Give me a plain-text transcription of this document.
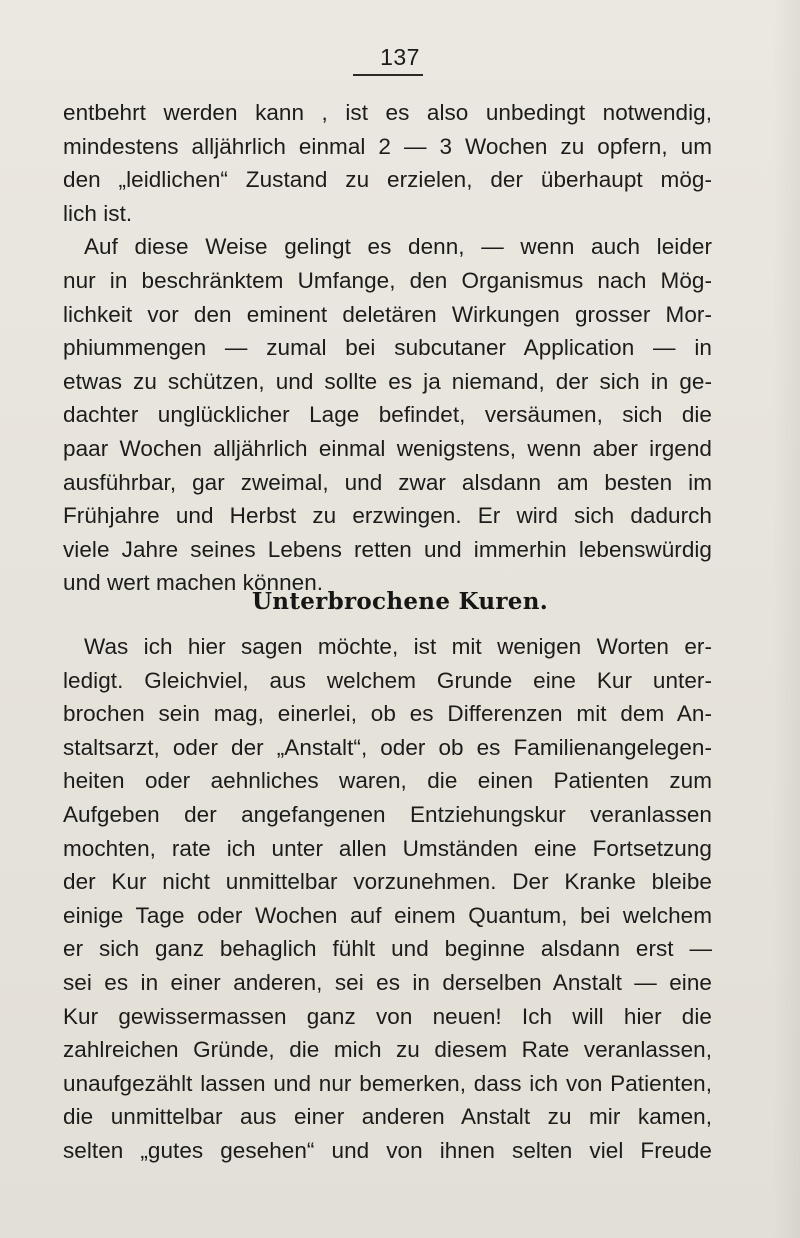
137
entbehrt werden kann , ist es also unbedingt notwendig,
mindestens alljährlich einmal 2 — 3 Wochen zu opfern, um
den „leidlichen“ Zustand zu erzielen, der überhaupt mög-
lich ist.
Auf diese Weise gelingt es denn, — wenn auch leider
nur in beschränktem Umfange, den Organismus nach Mög-
lichkeit vor den eminent deletären Wirkungen grosser Mor-
phiummengen — zumal bei subcutaner Application — in
etwas zu schützen, und sollte es ja niemand, der sich in ge-
dachter unglücklicher Lage befindet, versäumen, sich die
paar Wochen alljährlich einmal wenigstens, wenn aber irgend
ausführbar, gar zweimal, und zwar alsdann am besten im
Frühjahre und Herbst zu erzwingen. Er wird sich dadurch
viele Jahre seines Lebens retten und immerhin lebenswürdig
und wert machen können.
Unterbrochene Kuren.
Was ich hier sagen möchte, ist mit wenigen Worten er-
ledigt. Gleichviel, aus welchem Grunde eine Kur unter-
brochen sein mag, einerlei, ob es Differenzen mit dem An-
staltsarzt, oder der „Anstalt“, oder ob es Familienangelegen-
heiten oder aehnliches waren, die einen Patienten zum
Aufgeben der angefangenen Entziehungskur veranlassen
mochten, rate ich unter allen Umständen eine Fortsetzung
der Kur nicht unmittelbar vorzunehmen. Der Kranke bleibe
einige Tage oder Wochen auf einem Quantum, bei welchem
er sich ganz behaglich fühlt und beginne alsdann erst —
sei es in einer anderen, sei es in derselben Anstalt — eine
Kur gewissermassen ganz von neuen! Ich will hier die
zahlreichen Gründe, die mich zu diesem Rate veranlassen,
unaufgezählt lassen und nur bemerken, dass ich von Patienten,
die unmittelbar aus einer anderen Anstalt zu mir kamen,
selten „gutes gesehen“ und von ihnen selten viel Freude
